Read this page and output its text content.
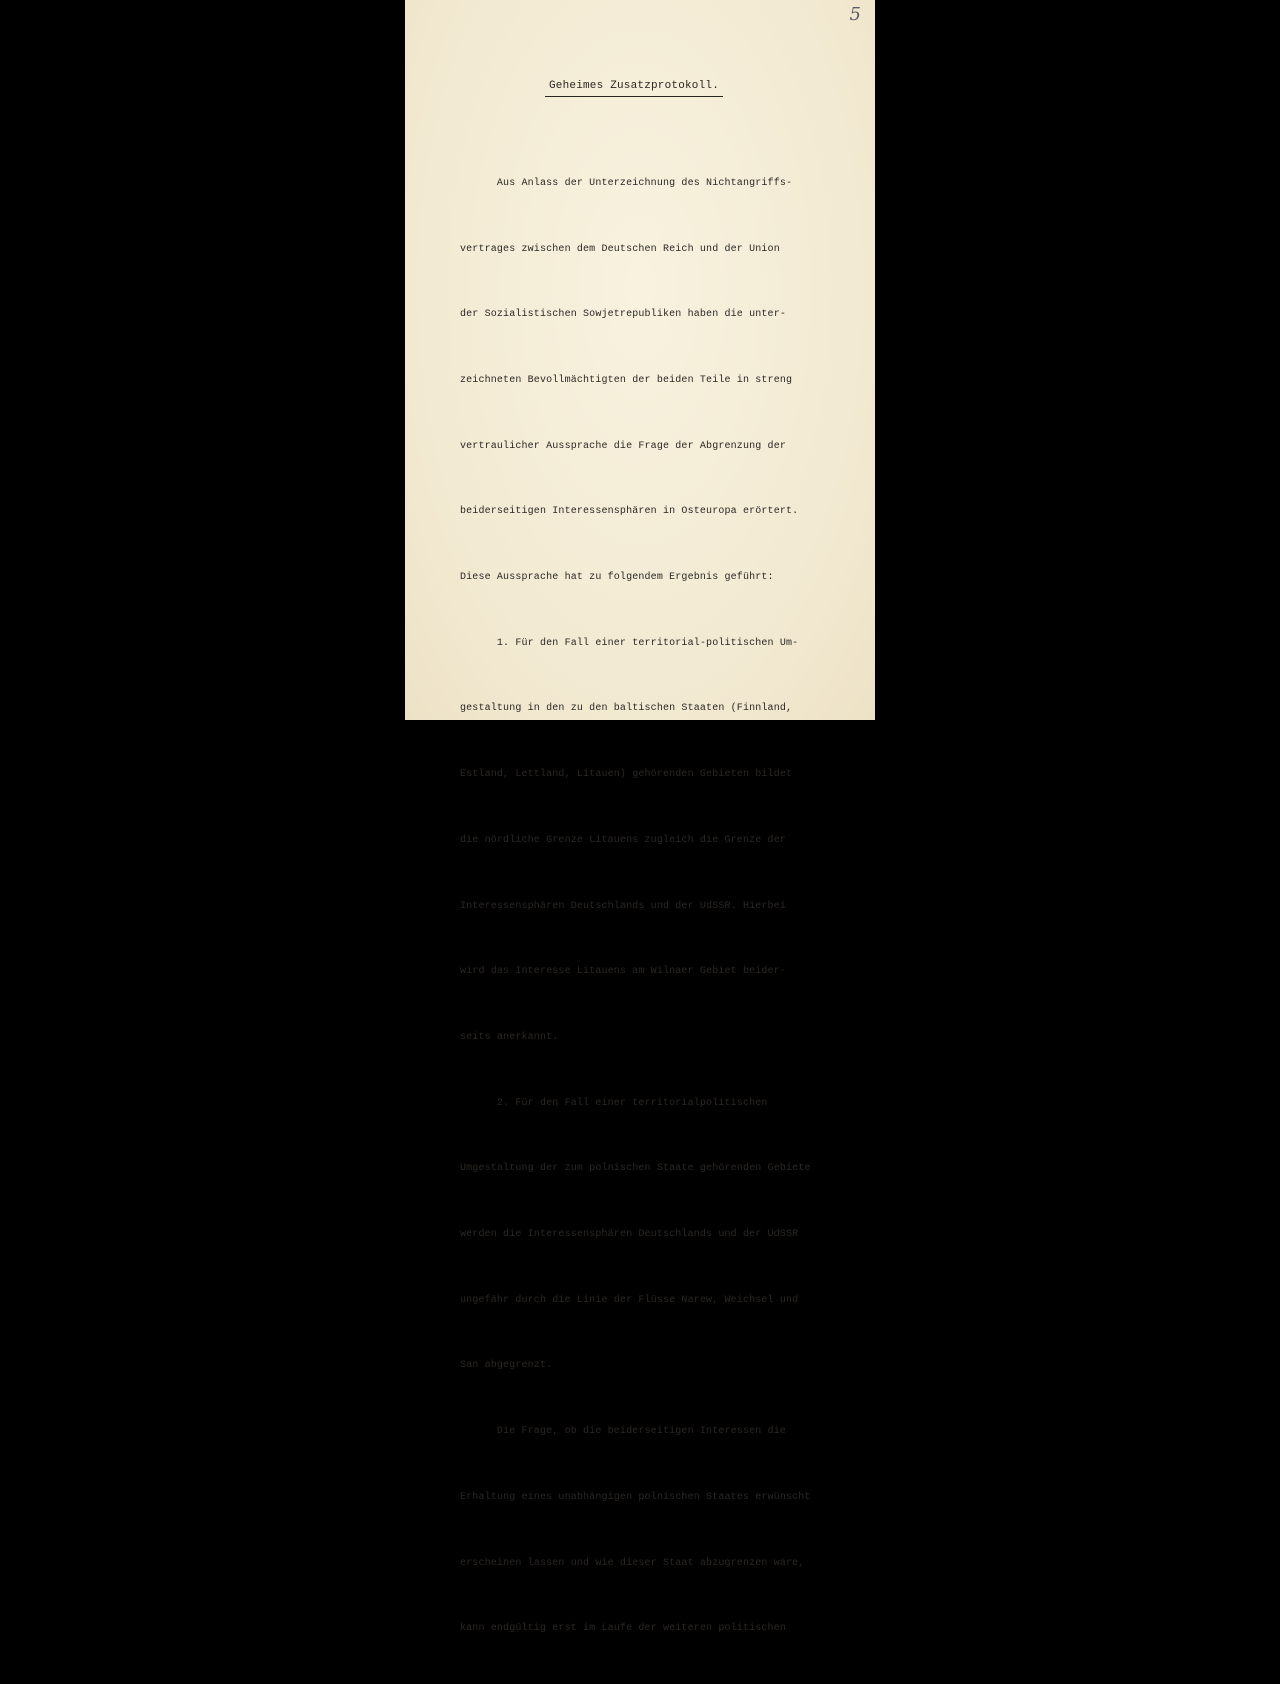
5
Geheimes Zusatzprotokoll.

Aus Anlass der Unterzeichnung des Nichtangriffs-

vertrages zwischen dem Deutschen Reich und der Union

der Sozialistischen Sowjetrepubliken haben die unter-

zeichneten Bevollmächtigten der beiden Teile in streng

vertraulicher Aussprache die Frage der Abgrenzung der

beiderseitigen Interessensphären in Osteuropa erörtert.

Diese Aussprache hat zu folgendem Ergebnis geführt:

1. Für den Fall einer territorial-politischen Um-

gestaltung in den zu den baltischen Staaten (Finnland,

Estland, Lettland, Litauen) gehörenden Gebieten bildet

die nördliche Grenze Litauens zugleich die Grenze der

Interessensphären Deutschlands und der UdSSR. Hierbei

wird das Interesse Litauens am Wilnaer Gebiet beider-

seits anerkannt.

2. Für den Fall einer territorialpolitischen

Umgestaltung der zum polnischen Staate gehörenden Gebiete

werden die Interessensphären Deutschlands und der UdSSR

ungefähr durch die Linie der Flüsse Narew, Weichsel und

San abgegrenzt.

Die Frage, ob die beiderseitigen Interessen die

Erhaltung eines unabhängigen polnischen Staates erwünscht

erscheinen lassen und wie dieser Staat abzugrenzen wäre,

kann endgültig erst im Laufe der weiteren politischen
